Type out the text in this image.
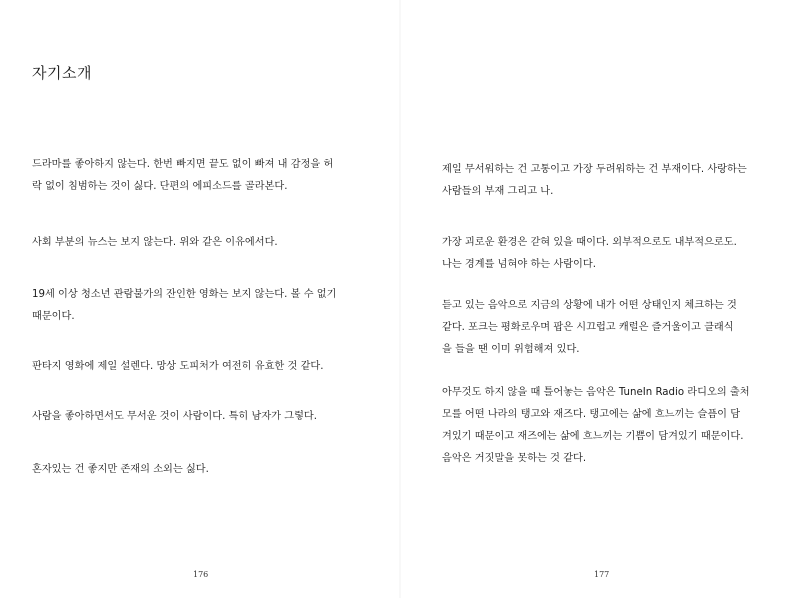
자기소개
드라마를 좋아하지 않는다. 한번 빠지면 끝도 없이 빠져 내 감정을 허
락 없이 침범하는 것이 싫다. 단편의 에피소드를 골라본다.
사회 부분의 뉴스는 보지 않는다. 위와 같은 이유에서다.
19세 이상 청소년 관람불가의 잔인한 영화는 보지 않는다. 볼 수 없기
때문이다.
판타지 영화에 제일 설렌다. 망상 도피처가 여전히 유효한 것 같다.
사람을 좋아하면서도 무서운 것이 사람이다. 특히 남자가 그렇다.
혼자있는 건 좋지만 존재의 소외는 싫다.
176
제일 무서워하는 건 고통이고 가장 두려워하는 건 부재이다. 사랑하는
사람들의 부재 그리고 나.
가장 괴로운 환경은 갇혀 있을 때이다. 외부적으로도 내부적으로도.
나는 경계를 넘혀야 하는 사람이다.
듣고 있는 음악으로 지금의 상황에 내가 어떤 상태인지 체크하는 것
같다. 포크는 평화로우며 팝은 시끄럽고 캐럴은 즐거울이고 클래식
을 들을 땐 이미 위험해져 있다.
아무것도 하지 않을 때 틀어놓는 음악은 TuneIn Radio 라디오의 출처
모를 어떤 나라의 탱고와 재즈다. 탱고에는 삶에 흐느끼는 슬픔이 담
겨있기 때문이고 재즈에는 삶에 흐느끼는 기쁨이 담겨있기 때문이다.
음악은 거짓말을 못하는 것 같다.
177
